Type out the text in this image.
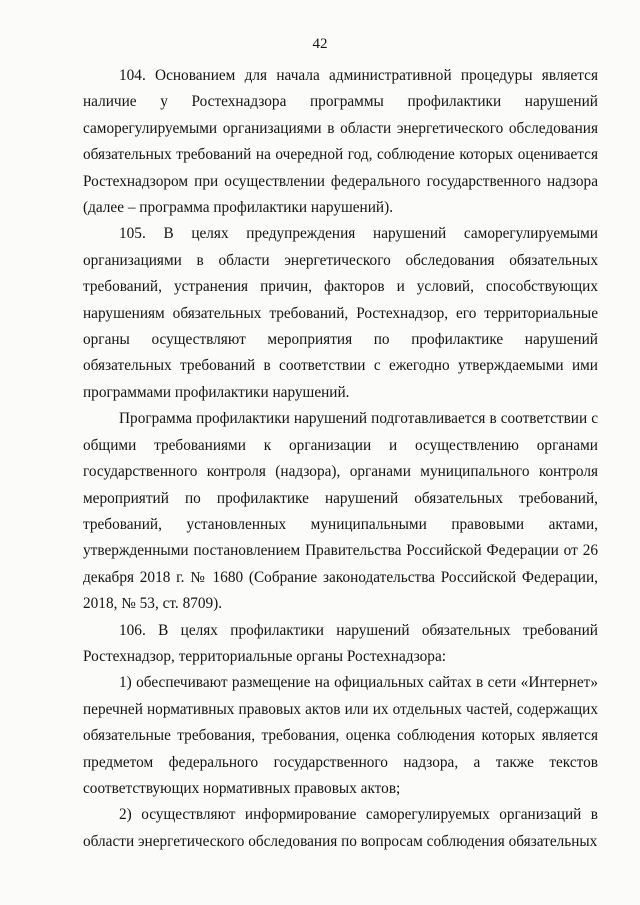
42

104. Основанием для начала административной процедуры является наличие у Ростехнадзора программы профилактики нарушений саморегулируемыми организациями в области энергетического обследования обязательных требований на очередной год, соблюдение которых оценивается Ростехнадзором при осуществлении федерального государственного надзора (далее – программа профилактики нарушений).

105. В целях предупреждения нарушений саморегулируемыми организациями в области энергетического обследования обязательных требований, устранения причин, факторов и условий, способствующих нарушениям обязательных требований, Ростехнадзор, его территориальные органы осуществляют мероприятия по профилактике нарушений обязательных требований в соответствии с ежегодно утверждаемыми ими программами профилактики нарушений.

Программа профилактики нарушений подготавливается в соответствии с общими требованиями к организации и осуществлению органами государственного контроля (надзора), органами муниципального контроля мероприятий по профилактике нарушений обязательных требований, требований, установленных муниципальными правовыми актами, утвержденными постановлением Правительства Российской Федерации от 26 декабря 2018 г. № 1680 (Собрание законодательства Российской Федерации, 2018, № 53, ст. 8709).

106. В целях профилактики нарушений обязательных требований Ростехнадзор, территориальные органы Ростехнадзора:

1) обеспечивают размещение на официальных сайтах в сети «Интернет» перечней нормативных правовых актов или их отдельных частей, содержащих обязательные требования, требования, оценка соблюдения которых является предметом федерального государственного надзора, а также текстов соответствующих нормативных правовых актов;

2) осуществляют информирование саморегулируемых организаций в области энергетического обследования по вопросам соблюдения обязательных
